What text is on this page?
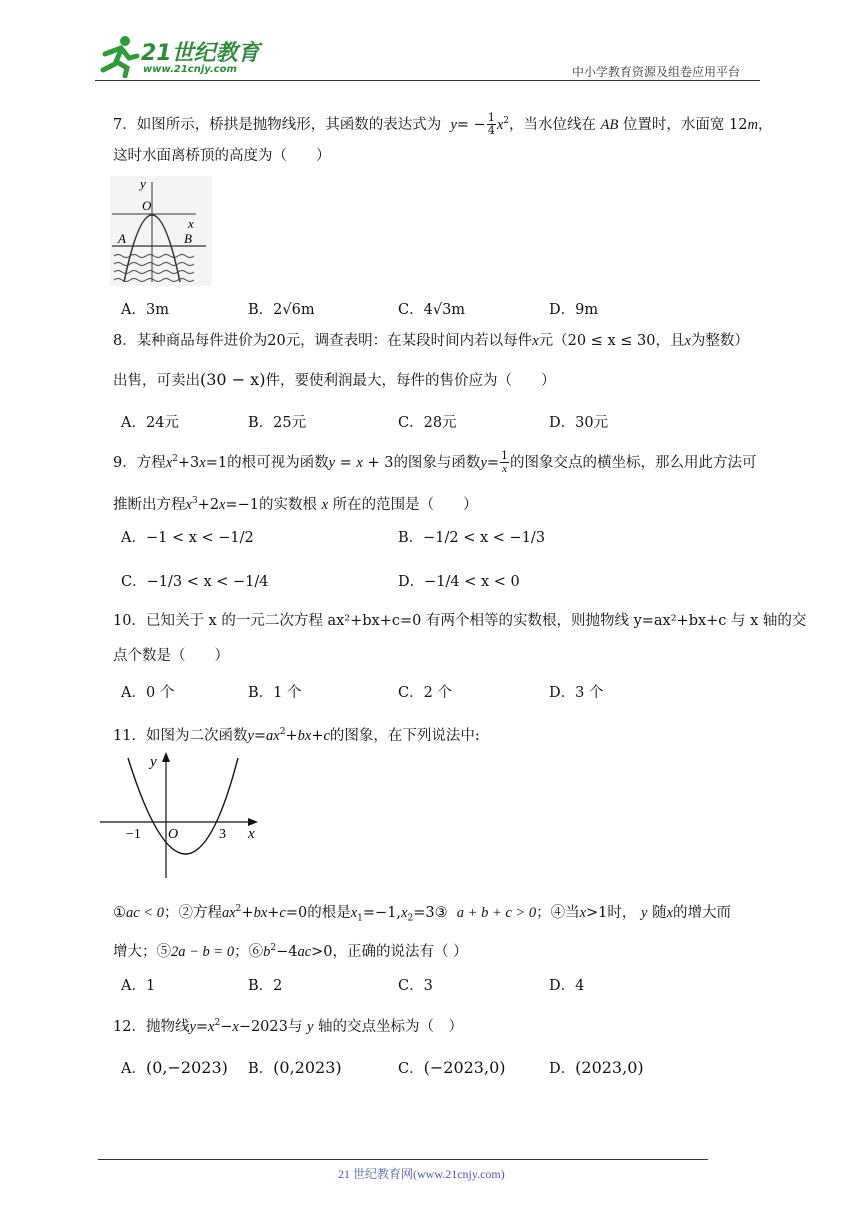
21世纪教育
www.21cnjy.com	中小学教育资源及组卷应用平台
7．如图所示，桥拱是抛物线形，其函数的表达式为 $y= - \frac{1}{4} x^2$，当水位线在 AB 位置时，水面宽 12m，
这时水面离桥顶的高度为（　　）
y
O
x
A	B
A．3m	B．2√6m	C．4√3m	D．9m
8．某种商品每件进价为20元，调查表明：在某段时间内若以每件x元（20 ≤ x ≤ 30，且x为整数）
出售，可卖出(30 − x)件，要使利润最大，每件的售价应为（　　）
A．24元	B．25元	C．28元	D．30元
9．方程$x^2+3x=1$的根可视为函数y = x + 3的图象与函数$y= \frac{1}{x}$ 的图象交点的横坐标，那么用此方法可
推断出方程$x^3+2x=-1$的实数根 x 所在的范围是（　　）
A．−1 < x < −1/2	B．−1/2 < x < −1/3
C．−1/3 < x < −1/4	D．−1/4 < x < 0
10．已知关于 x 的一元二次方程 ax²+bx+c=0 有两个相等的实数根，则抛物线 y=ax²+bx+c 与 x 轴的交
点个数是（　　）
A．0 个	B．1 个	C．2 个	D．3 个
11．如图为二次函数$y=ax^2+bx+c$的图象，在下列说法中:
y
O	x
−1	3
①ac < 0；②方程$ax^2+bx+c=0$的根是$x_1=-1,x_2=3③$ a + b + c > 0；④当x>1时， y 随x的增大而
增大；⑤2a − b = 0；$⑥b^2-4ac>0$，正确的说法有（ ）
A．1	B．2	C．3	D．4
12．抛物线$y=x^2-x-2023$与 y 轴的交点坐标为（　）
A．(0,−2023) B．(0,2023)	C．(−2023,0)	D．(2023,0)
21 世纪教育网(www.21cnjy.com)
